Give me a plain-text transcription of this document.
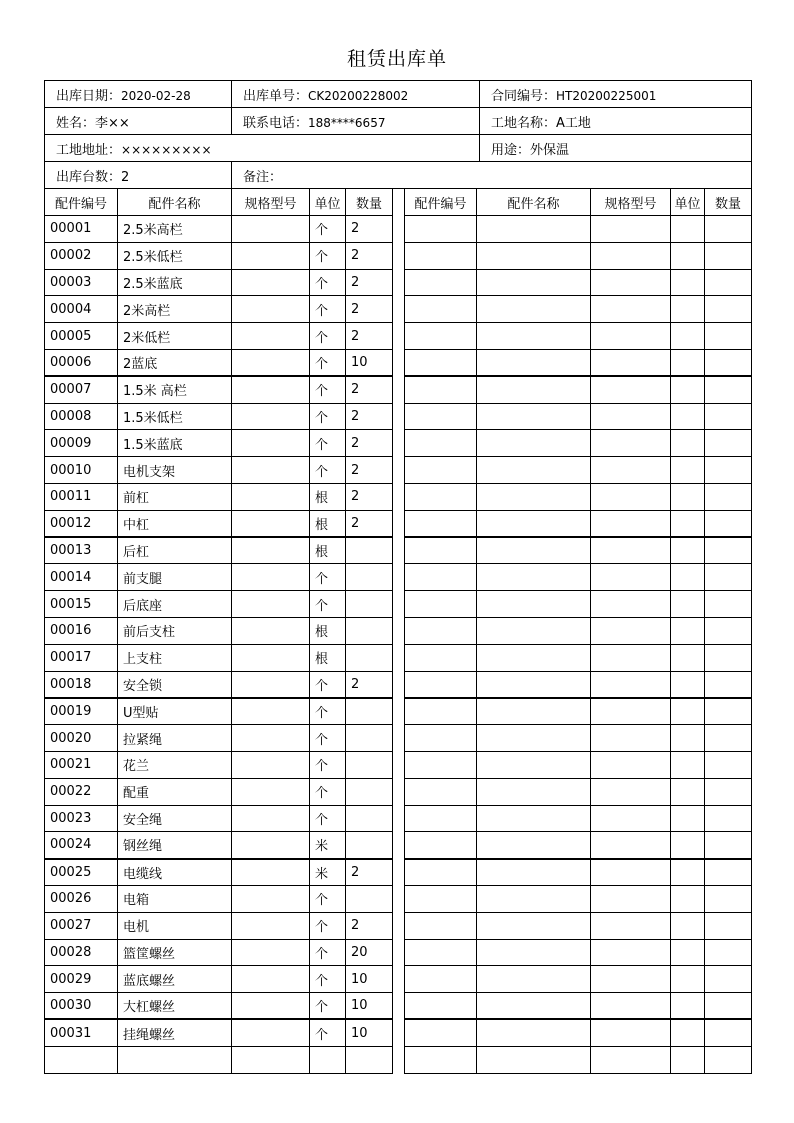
租赁出库单
出库日期：2020-02-28	出库单号：CK20200228002	合同编号：HT20200225001
姓名：李××	联系电话：188****6657	工地名称：A工地
工地地址：×××××××××		用途：外保温
出库台数：2	备注：	
配件编号	配件名称	规格型号	单位	数量
00001	2.5米高栏		个	2
00002	2.5米低栏		个	2
00003	2.5米蓝底		个	2
00004	2米高栏		个	2
00005	2米低栏		个	2
00006	2蓝底		个	10
00007	1.5米 高栏		个	2
00008	1.5米低栏		个	2
00009	1.5米蓝底		个	2
00010	电机支架		个	2
00011	前杠		根	2
00012	中杠		根	2
00013	后杠		根	
00014	前支腿		个	
00015	后底座		个	
00016	前后支柱		根	
00017	上支柱		根	
00018	安全锁		个	2
00019	U型贴		个	
00020	拉紧绳		个	
00021	花兰		个	
00022	配重		个	
00023	安全绳		个	
00024	钢丝绳		米	
00025	电缆线		米	2
00026	电箱		个	
00027	电机		个	2
00028	篮筐螺丝		个	20
00029	蓝底螺丝		个	10
00030	大杠螺丝		个	10
00031	挂绳螺丝		个	10

配件编号	配件名称	规格型号	单位	数量
